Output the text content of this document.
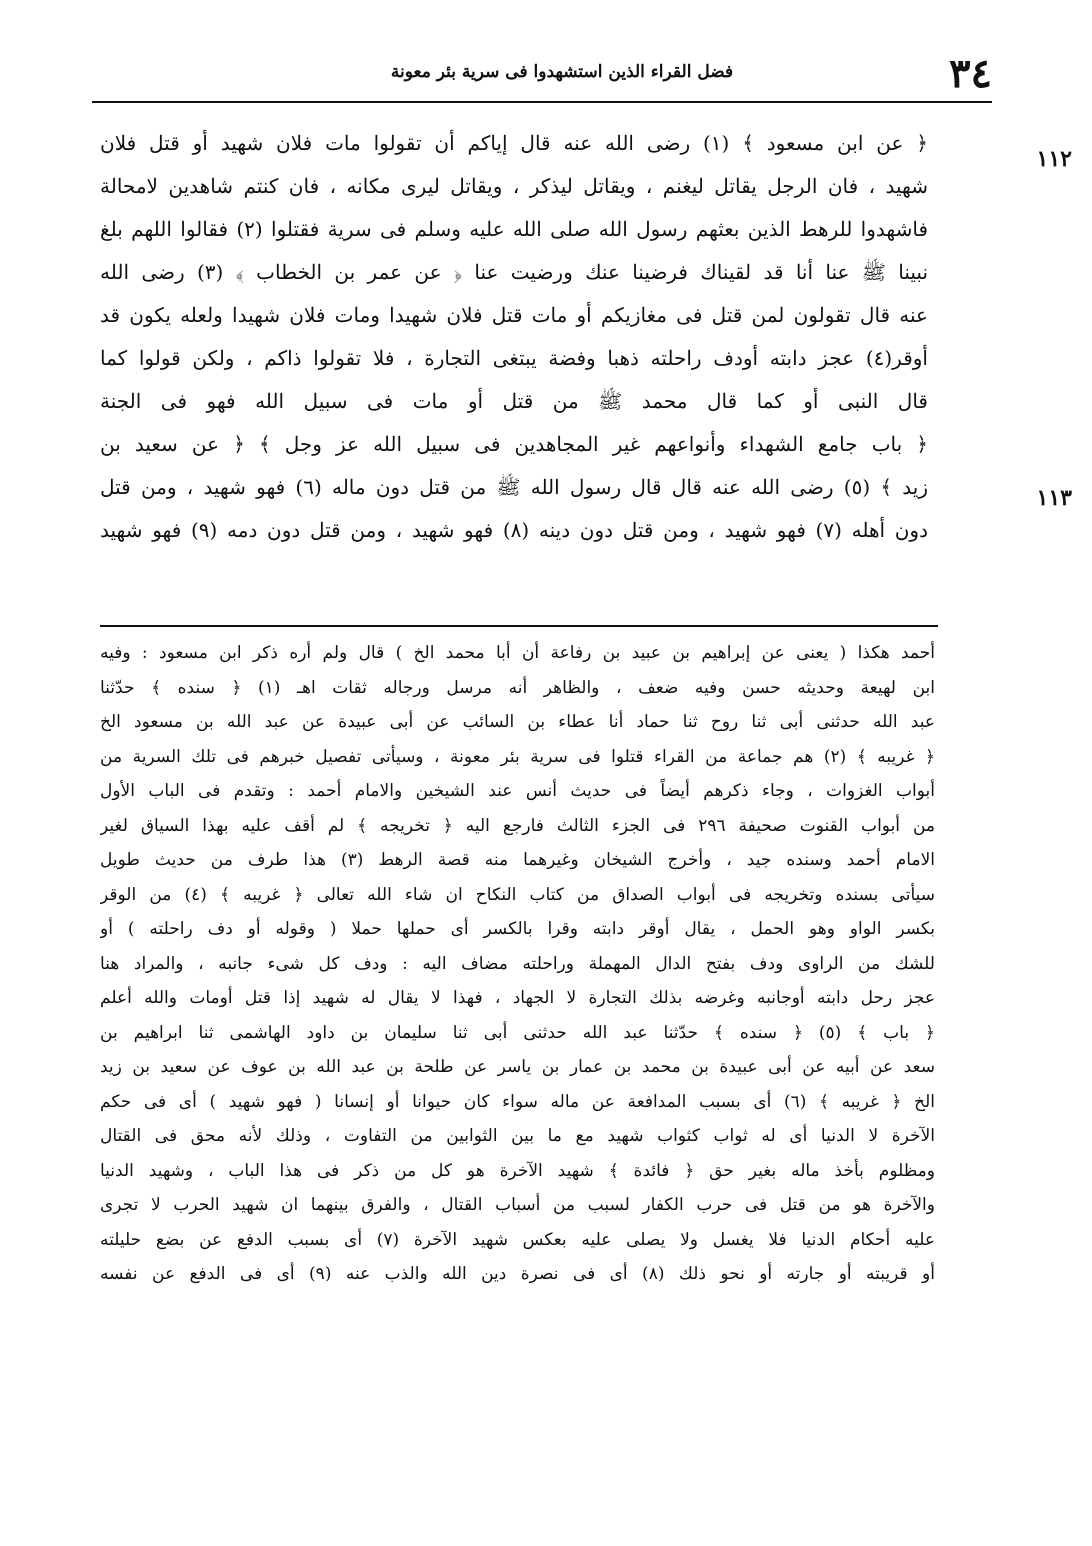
٣٤
فضل القراء الذين استشهدوا فى سرية بئر معونة
١١٢
١١٣
﴿ عن ابن مسعود ﴾ (١) رضى الله عنه قال إياكم أن تقولوا مات فلان شهيد أو قتل فلان
شهيد ، فان الرجل يقاتل ليغنم ، ويقاتل ليذكر ، ويقاتل ليرى مكانه ، فان كنتم شاهدين لامحالة
فاشهدوا للرهط الذين بعثهم رسول الله صلى الله عليه وسلم فى سرية فقتلوا (٢) فقالوا اللهم بلغ
نبينا ﷺ عنا أنا قد لقيناك فرضينا عنك ورضيت عنا ﴿ عن عمر بن الخطاب ﴾ (٣) رضى الله
عنه قال تقولون لمن قتل فى مغازيكم أو مات قتل فلان شهيدا ومات فلان شهيدا ولعله يكون قد
أوقر(٤) عجز دابته أودف راحلته ذهبا وفضة يبتغى التجارة ، فلا تقولوا ذاكم ، ولكن قولوا كما
قال النبى أو كما قال محمد ﷺ من قتل أو مات فى سبيل الله فهو فى الجنة
﴿ باب جامع الشهداء وأنواعهم غير المجاهدين فى سبيل الله عز وجل ﴾ ﴿ عن سعيد بن
زيد ﴾ (٥) رضى الله عنه قال قال رسول الله ﷺ من قتل دون ماله (٦) فهو شهيد ، ومن قتل
دون أهله (٧) فهو شهيد ، ومن قتل دون دينه (٨) فهو شهيد ، ومن قتل دون دمه (٩) فهو شهيد
أحمد هكذا ( يعنى عن إبراهيم بن عبيد بن رفاعة أن أبا محمد الخ ) قال ولم أره ذكر ابن مسعود : وفيه
ابن لهيعة وحديثه حسن وفيه ضعف ، والظاهر أنه مرسل ورجاله ثقات اهـ (١) ﴿ سنده ﴾ حدّثنا
عبد الله حدثنى أبى ثنا روح ثنا حماد أنا عطاء بن السائب عن أبى عبيدة عن عبد الله بن مسعود الخ
﴿ غريبه ﴾ (٢) هم جماعة من القراء قتلوا فى سرية بئر معونة ، وسيأتى تفصيل خبرهم فى تلك السرية من
أبواب الغزوات ، وجاء ذكرهم أيضاً فى حديث أنس عند الشيخين والامام أحمد : وتقدم فى الباب الأول
من أبواب القنوت صحيفة ٢٩٦ فى الجزء الثالث فارجع اليه ﴿ تخريجه ﴾ لم أقف عليه بهذا السياق لغير
الامام أحمد وسنده جيد ، وأخرج الشيخان وغيرهما منه قصة الرهط (٣) هذا طرف من حديث طويل
سيأتى بسنده وتخريجه فى أبواب الصداق من كتاب النكاح ان شاء الله تعالى ﴿ غريبه ﴾ (٤) من الوقر
بكسر الواو وهو الحمل ، يقال أوقر دابته وقرا بالكسر أى حملها حملا ( وقوله أو دف راحلته ) أو
للشك من الراوى ودف بفتح الدال المهملة وراحلته مضاف اليه : ودف كل شىء جانبه ، والمراد هنا
عجز رحل دابته أوجانبه وغرضه بذلك التجارة لا الجهاد ، فهذا لا يقال له شهيد إذا قتل أومات والله أعلم
﴿ باب ﴾ (٥) ﴿ سنده ﴾ حدّثنا عبد الله حدثنى أبى ثنا سليمان بن داود الهاشمى ثنا ابراهيم بن
سعد عن أبيه عن أبى عبيدة بن محمد بن عمار بن ياسر عن طلحة بن عبد الله بن عوف عن سعيد بن زيد
الخ ﴿ غريبه ﴾ (٦) أى بسبب المدافعة عن ماله سواء كان حيوانا أو إنسانا ( فهو شهيد ) أى فى حكم
الآخرة لا الدنيا أى له ثواب كثواب شهيد مع ما بين الثوابين من التفاوت ، وذلك لأنه محق فى القتال
ومظلوم بأخذ ماله بغير حق ﴿ فائدة ﴾ شهيد الآخرة هو كل من ذكر فى هذا الباب ، وشهيد الدنيا
والآخرة هو من قتل فى حرب الكفار لسبب من أسباب القتال ، والفرق بينهما ان شهيد الحرب لا تجرى
عليه أحكام الدنيا فلا يغسل ولا يصلى عليه بعكس شهيد الآخرة (٧) أى بسبب الدفع عن بضع حليلته
أو قريبته أو جارته أو نحو ذلك (٨) أى فى نصرة دين الله والذب عنه (٩) أى فى الدفع عن نفسه
